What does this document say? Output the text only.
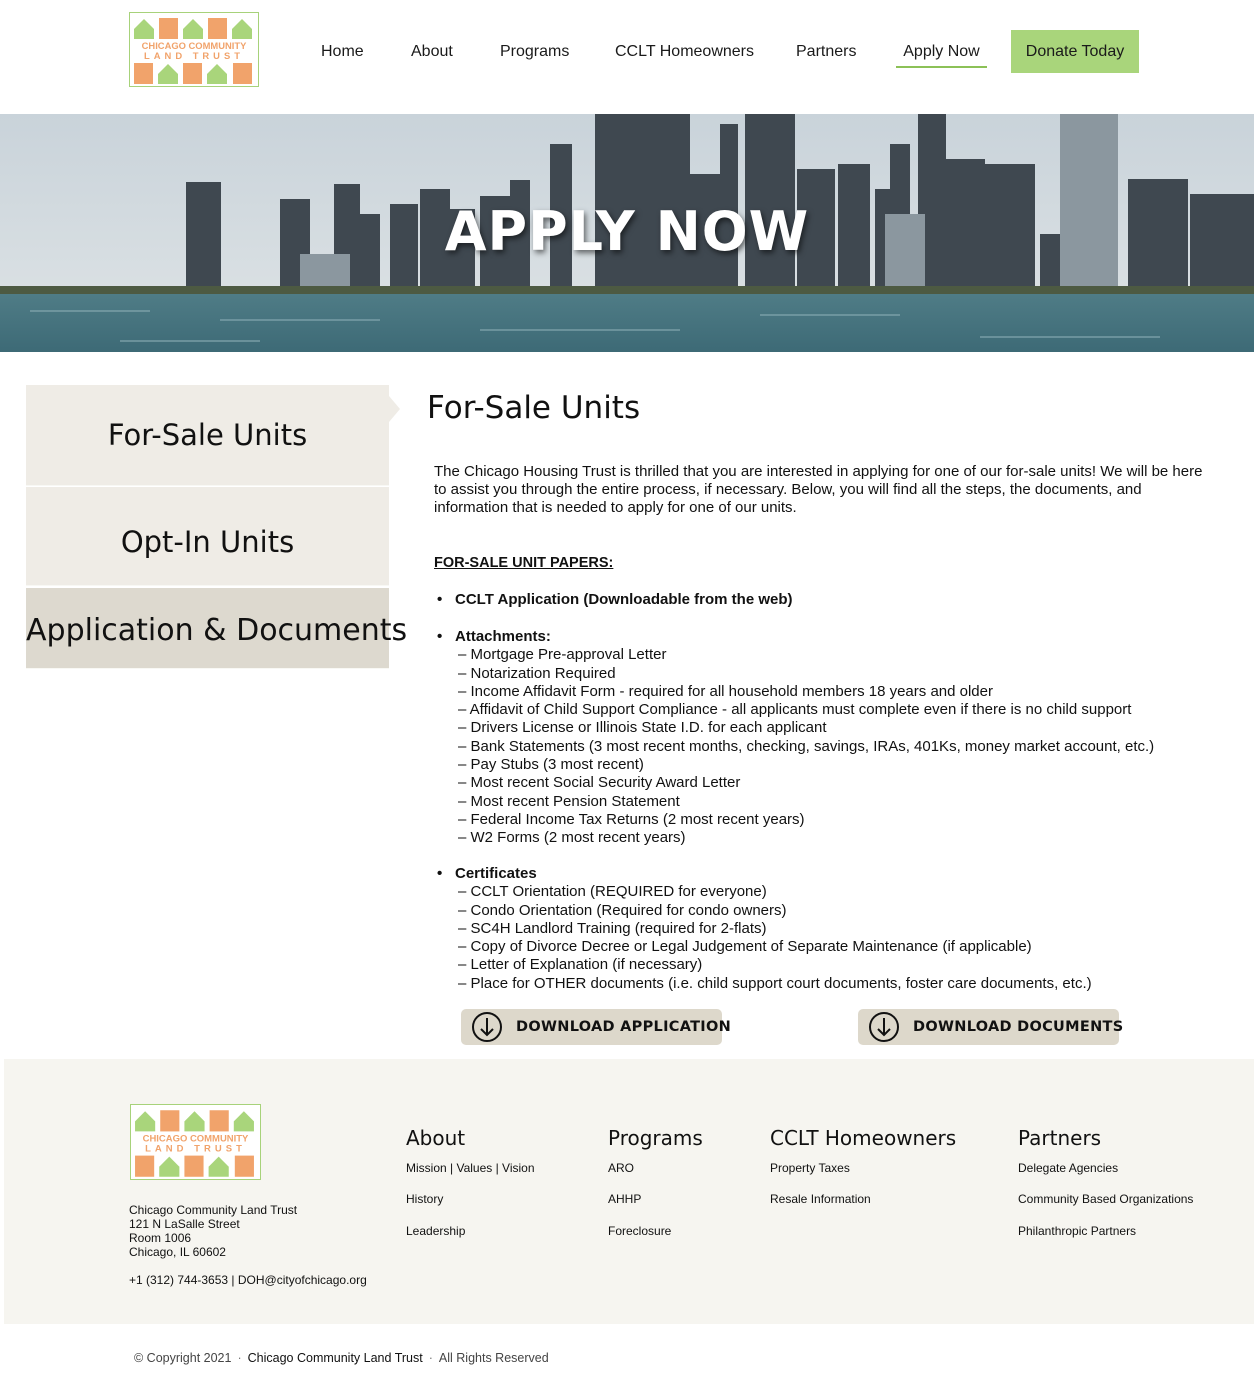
CHICAGO COMMUNITY
LAND TRUST	Home	About	Programs	CCLT Homeowners	Partners	Apply Now	Donate Today
APPLY NOW
For-Sale Units
Opt-In Units
Application & Documents
For-Sale Units

The Chicago Housing Trust is thrilled that you are interested in applying for one of our for-sale units! We will be here to assist you through the entire process, if necessary. Below, you will find all the steps, the documents, and information that is needed to apply for one of our units.

FOR-SALE UNIT PAPERS:
• CCLT Application (Downloadable from the web)
• Attachments:
– Mortgage Pre-approval Letter
– Notarization Required
– Income Affidavit Form - required for all household members 18 years and older
– Affidavit of Child Support Compliance - all applicants must complete even if there is no child support
– Drivers License or Illinois State I.D. for each applicant
– Bank Statements (3 most recent months, checking, savings, IRAs, 401Ks, money market account, etc.)
– Pay Stubs (3 most recent)
– Most recent Social Security Award Letter
– Most recent Pension Statement
– Federal Income Tax Returns (2 most recent years)
– W2 Forms (2 most recent years)
• Certificates
– CCLT Orientation (REQUIRED for everyone)
– Condo Orientation (Required for condo owners)
– SC4H Landlord Training (required for 2-flats)
– Copy of Divorce Decree or Legal Judgement of Separate Maintenance (if applicable)
– Letter of Explanation (if necessary)
– Place for OTHER documents (i.e. child support court documents, foster care documents, etc.)
DOWNLOAD APPLICATION	DOWNLOAD DOCUMENTS
CHICAGO COMMUNITY
LAND TRUST
Chicago Community Land Trust
121 N LaSalle Street
Room 1006
Chicago, IL 60602
+1 (312) 744-3653 | DOH@cityofchicago.org
About
Mission | Values | Vision
History
Leadership
Programs
ARO
AHHP
Foreclosure
CCLT Homeowners
Property Taxes
Resale Information
Partners
Delegate Agencies
Community Based Organizations
Philanthropic Partners
© Copyright 2021 · Chicago Community Land Trust · All Rights Reserved
